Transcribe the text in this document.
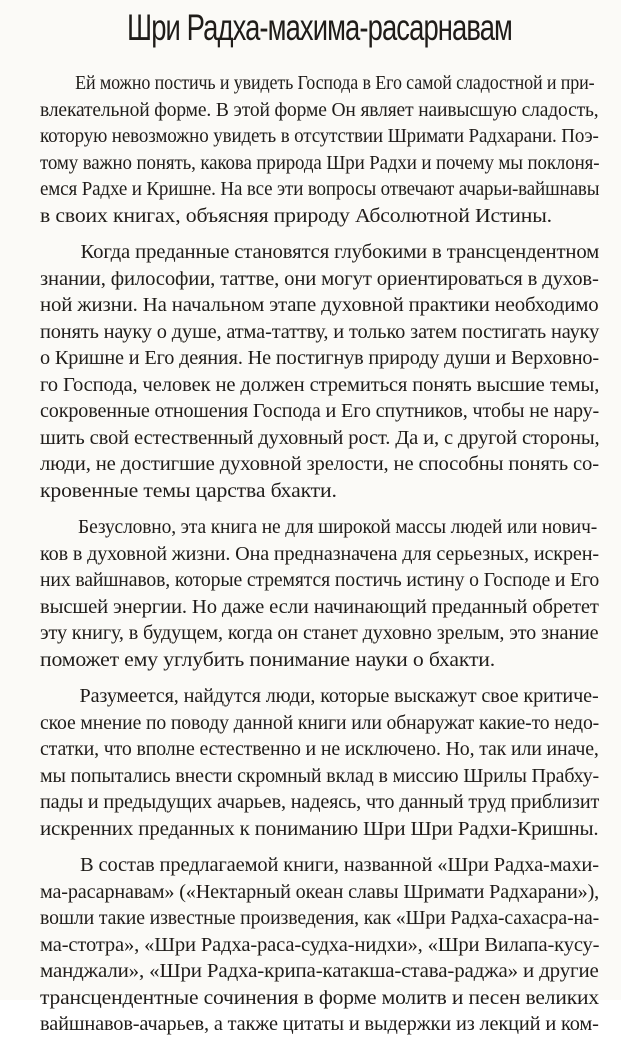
Шри Радха-махима-расарнавам

Ей можно постичь и увидеть Господа в Его самой сладостной и при-
влекательной форме. В этой форме Он являет наивысшую сладость,
которую невозможно увидеть в отсутствии Шримати Радхарани. Поэ-
тому важно понять, какова природа Шри Радхи и почему мы поклоня-
емся Радхе и Кришне. На все эти вопросы отвечают ачарьи-вайшнавы
в своих книгах, объясняя природу Абсолютной Истины.

Когда преданные становятся глубокими в трансцендентном
знании, философии, таттве, они могут ориентироваться в духов-
ной жизни. На начальном этапе духовной практики необходимо
понять науку о душе, атма-таттву, и только затем постигать науку
о Кришне и Его деяния. Не постигнув природу души и Верховно-
го Господа, человек не должен стремиться понять высшие темы,
сокровенные отношения Господа и Его спутников, чтобы не нару-
шить свой естественный духовный рост. Да и, с другой стороны,
люди, не достигшие духовной зрелости, не способны понять со-
кровенные темы царства бхакти.

Безусловно, эта книга не для широкой массы людей или нович-
ков в духовной жизни. Она предназначена для серьезных, искрен-
них вайшнавов, которые стремятся постичь истину о Господе и Его
высшей энергии. Но даже если начинающий преданный обретет
эту книгу, в будущем, когда он станет духовно зрелым, это знание
поможет ему углубить понимание науки о бхакти.

Разумеется, найдутся люди, которые выскажут свое критиче-
ское мнение по поводу данной книги или обнаружат какие-то недо-
статки, что вполне естественно и не исключено. Но, так или иначе,
мы попытались внести скромный вклад в миссию Шрилы Прабху-
пады и предыдущих ачарьев, надеясь, что данный труд приблизит
искренних преданных к пониманию Шри Шри Радхи-Кришны.

В состав предлагаемой книги, названной «Шри Радха-махи-
ма-расарнавам» («Нектарный океан славы Шримати Радхарани»),
вошли такие известные произведения, как «Шри Радха-сахасра-на-
ма-стотра», «Шри Радха-раса-судха-нидхи», «Шри Вилапа-кусу-
манджали», «Шри Радха-крипа-катакша-става-раджа» и другие
трансцендентные сочинения в форме молитв и песен великих
вайшнавов-ачарьев, а также цитаты и выдержки из лекций и ком-
